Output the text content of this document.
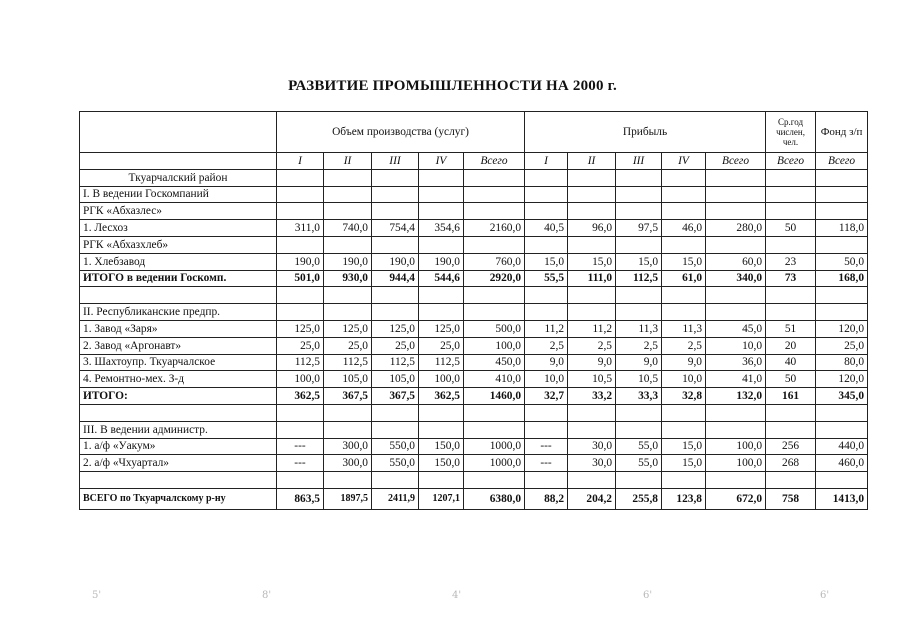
РАЗВИТИЕ ПРОМЫШЛЕННОСТИ НА 2000 г.
	Объем производства (услуг)					Прибыль					Ср.год числен, чел.	Фонд з/п

	I	II	III	IV	Всего	I	II	III	IV	Всего	Всего	Всего
Ткуарчалский район												
I. В ведении Госкомпаний												
РГК «Абхазлес»												
1. Лесхоз	311,0	740,0	754,4	354,6	2160,0	40,5	96,0	97,5	46,0	280,0	50	118,0
РГК «Абхазхлеб»												
1. Хлебзавод	190,0	190,0	190,0	190,0	760,0	15,0	15,0	15,0	15,0	60,0	23	50,0
ИТОГО в ведении Госкомп.	501,0	930,0	944,4	544,6	2920,0	55,5	111,0	112,5	61,0	340,0	73	168,0

II. Республиканские предпр.												
1. Завод «Заря»	125,0	125,0	125,0	125,0	500,0	11,2	11,2	11,3	11,3	45,0	51	120,0
2. Завод «Аргонавт»	25,0	25,0	25,0	25,0	100,0	2,5	2,5	2,5	2,5	10,0	20	25,0
3. Шахтоупр. Ткуарчалское	112,5	112,5	112,5	112,5	450,0	9,0	9,0	9,0	9,0	36,0	40	80,0
4. Ремонтно-мех. З-д	100,0	105,0	105,0	100,0	410,0	10,0	10,5	10,5	10,0	41,0	50	120,0
ИТОГО:	362,5	367,5	367,5	362,5	1460,0	32,7	33,2	33,3	32,8	132,0	161	345,0

III. В ведении администр.												
1. а/ф «Уакум»	---	300,0	550,0	150,0	1000,0	---	30,0	55,0	15,0	100,0	256	440,0
2. а/ф «Чхуартал»	---	300,0	550,0	150,0	1000,0	---	30,0	55,0	15,0	100,0	268	460,0

ВСЕГО по Ткуарчалскому р-ну	863,5	1897,5	2411,9	1207,1	6380,0	88,2	204,2	255,8	123,8	672,0	758	1413,0
5'	8'	4'	6'	6'
